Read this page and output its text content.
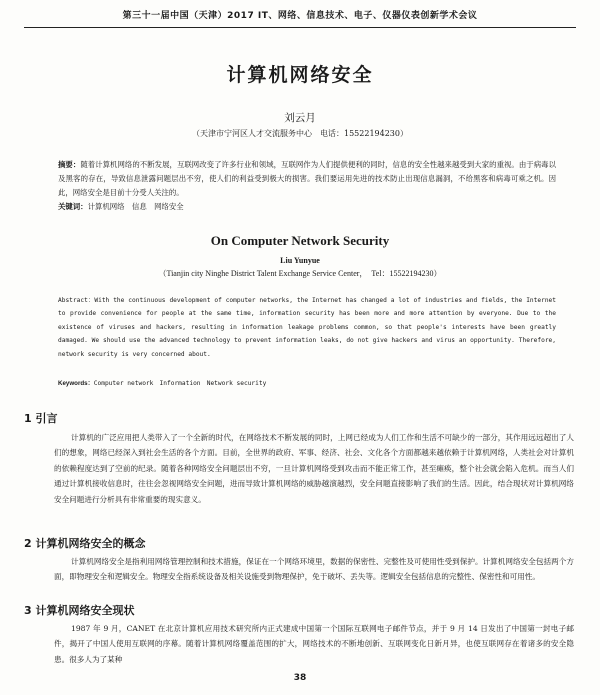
第三十一届中国（天津）2017 IT、网络、信息技术、电子、仪器仪表创新学术会议
计算机网络安全
刘云月
（天津市宁河区人才交流服务中心　电话：15522194230）
摘要：随着计算机网络的不断发展，互联网改变了许多行业和领域，互联网作为人们提供便利的同时，信息的安全性越来越受到大家的重视。由于病毒以及黑客的存在，导致信息泄露问题层出不穷，使人们的利益受到极大的损害。我们要运用先进的技术防止出现信息漏洞，不给黑客和病毒可乘之机。因此，网络安全是目前十分受人关注的。
关键词：计算机网络　信息　网络安全
On Computer Network Security
Liu Yunyue
（Tianjin city Ninghe District Talent Exchange Service Center，　Tel：15522194230）
Abstract：With the continuous development of computer networks, the Internet has changed a lot of industries and fields, the Internet to provide convenience for people at the same time, information security has been more and more attention by everyone. Due to the existence of viruses and hackers, resulting in information leakage problems common, so that people's interests have been greatly damaged. We should use the advanced technology to prevent information leaks, do not give hackers and virus an opportunity. Therefore, network security is very concerned about.
Keywords：Computer network　Information　Network security
1 引言
计算机的广泛应用把人类带入了一个全新的时代，在网络技术不断发展的同时，上网已经成为人们工作和生活不可缺少的一部分，其作用远远超出了人们的想象，网络已经深入到社会生活的各个方面。目前，全世界的政府、军事、经济、社会、文化各个方面都越来越依赖于计算机网络，人类社会对计算机的依赖程度达到了空前的纪录。随着各种网络安全问题层出不穷，一旦计算机网络受到攻击而不能正常工作，甚至瘫痪，整个社会就会陷入危机。而当人们通过计算机接收信息时，往往会忽视网络安全问题，进而导致计算机网络的威胁越演越烈，安全问题直接影响了我们的生活。因此，结合现状对计算机网络安全问题进行分析具有非常重要的现实意义。
2 计算机网络安全的概念
计算机网络安全是指利用网络管理控制和技术措施，保证在一个网络环境里，数据的保密性、完整性及可使用性受到保护。计算机网络安全包括两个方面，即物理安全和逻辑安全。物理安全指系统设备及相关设施受到物理保护，免于破坏、丢失等。逻辑安全包括信息的完整性、保密性和可用性。
3 计算机网络安全现状
1987 年 9 月，CANET 在北京计算机应用技术研究所内正式建成中国第一个国际互联网电子邮件节点，并于 9 月 14 日发出了中国第一封电子邮件，揭开了中国人使用互联网的序幕。随着计算机网络覆盖范围的扩大，网络技术的不断地创新、互联网变化日新月异，也使互联网存在着诸多的安全隐患。很多人为了某种
38
